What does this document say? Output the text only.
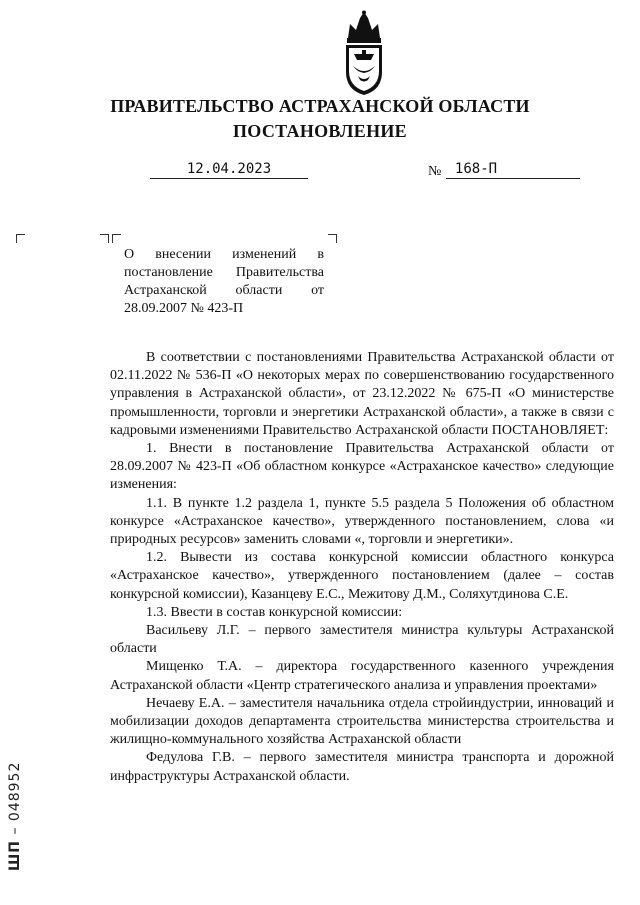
ПРАВИТЕЛЬСТВО АСТРАХАНСКОЙ ОБЛАСТИ
ПОСТАНОВЛЕНИЕ
12.04.2023	№ 168-П
О внесении изменений в
постановление Правительства
Астраханской области от
28.09.2007 № 423-П

В соответствии с постановлениями Правительства Астраханской области от 02.11.2022 № 536-П «О некоторых мерах по совершенствованию государственного управления в Астраханской области», от 23.12.2022 № 675-П «О министерстве промышленности, торговли и энергетики Астраханской области», а также в связи с кадровыми изменениями Правительство Астраханской области ПОСТАНОВЛЯЕТ:

1. Внести в постановление Правительства Астраханской области от 28.09.2007 № 423-П «Об областном конкурсе «Астраханское качество» следующие изменения:

1.1. В пункте 1.2 раздела 1, пункте 5.5 раздела 5 Положения об областном конкурсе «Астраханское качество», утвержденного постановлением, слова «и природных ресурсов» заменить словами «, торговли и энергетики».

1.2. Вывести из состава конкурсной комиссии областного конкурса «Астраханское качество», утвержденного постановлением (далее – состав конкурсной комиссии), Казанцеву Е.С., Межитову Д.М., Соляхутдинова С.Е.

1.3. Ввести в состав конкурсной комиссии:

Васильеву Л.Г. – первого заместителя министра культуры Астраханской области

Мищенко Т.А. – директора государственного казенного учреждения Астраханской области «Центр стратегического анализа и управления проектами»

Нечаеву Е.А. – заместителя начальника отдела стройиндустрии, инноваций и мобилизации доходов департамента строительства министерства строительства и жилищно-коммунального хозяйства Астраханской области

Федулова Г.В. – первого заместителя министра транспорта и дорожной инфраструктуры Астраханской области.

ШП – 048952
